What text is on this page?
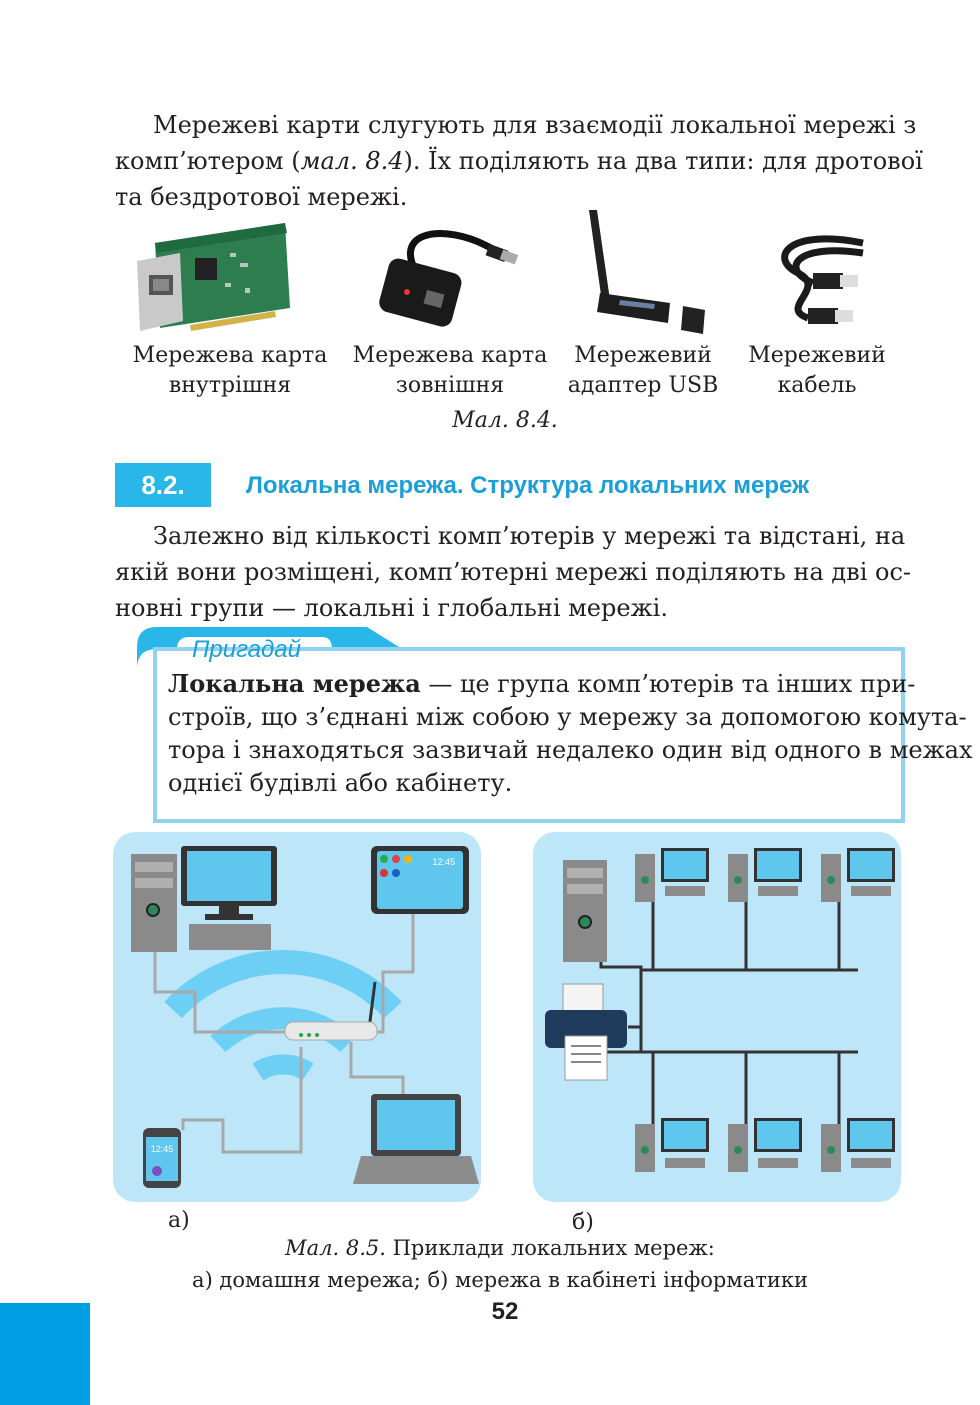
Мережеві карти слугують для взаємодії локальної мережі з
комп’ютером (мал. 8.4). Їх поділяють на два типи: для дротової
та бездротової мережі.
Мережева карта
внутрішня
Мережева карта
зовнішня
Мережевий
адаптер USB
Мережевий
кабель
Мал. 8.4.
8.2.	Локальна мережа. Структура локальних мереж
Залежно від кількості комп’ютерів у мережі та відстані, на
якій вони розміщені, комп’ютерні мережі поділяють на дві ос-
новні групи — локальні і глобальні мережі.
Пригадай
Локальна мережа — це група комп’ютерів та інших при-
строїв, що з’єднані між собою у мережу за допомогою комута-
тора і знаходяться зазвичай недалеко один від одного в межах
однієї будівлі або кабінету.
12:45
12:45
а)	б)
Мал. 8.5. Приклади локальних мереж:
а) домашня мережа; б) мережа в кабінеті інформатики
52
